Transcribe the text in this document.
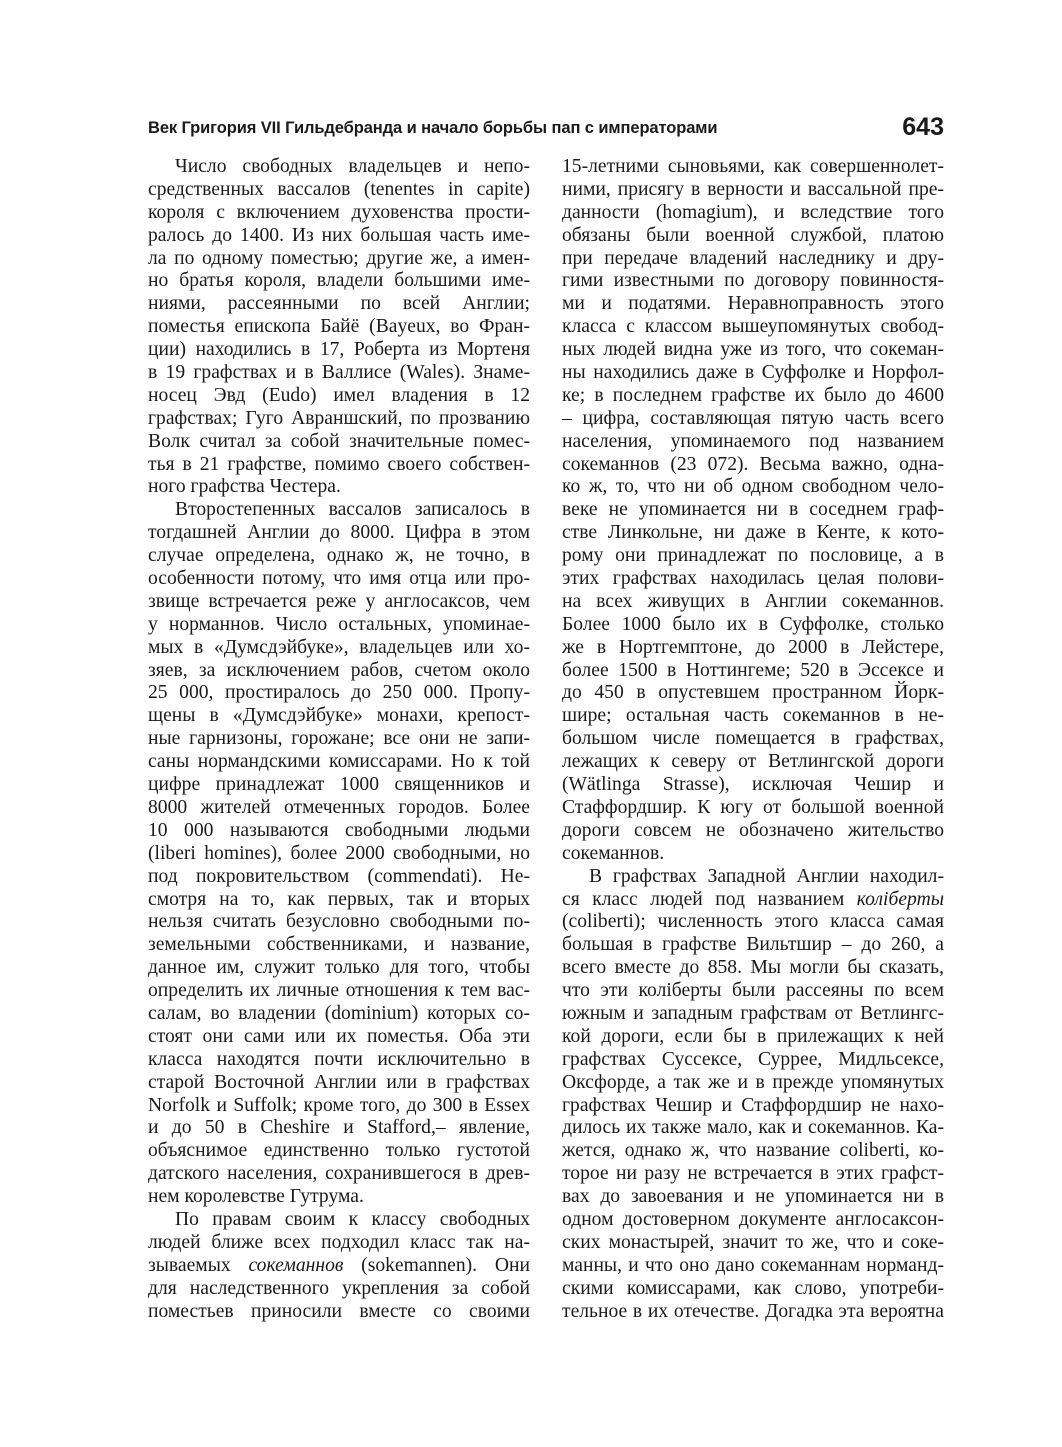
Век Григория VII Гильдебранда и начало борьбы пап с императорами	643
Число свободных владельцев и непо-
средственных вассалов (tenentes in capite)
короля с включением духовенства прости-
ралось до 1400. Из них большая часть име-
ла по одному поместью; другие же, а имен-
но братья короля, владели большими име-
ниями, рассеянными по всей Англии;
поместья епископа Байё (Bayeux, во Фран-
ции) находились в 17, Роберта из Мортеня
в 19 графствах и в Валлисе (Wales). Знаме-
носец Эвд (Eudo) имел владения в 12
графствах; Гуго Авраншский, по прозванию
Волк считал за собой значительные помес-
тья в 21 графстве, помимо своего собствен-
ного графства Честера.
Второстепенных вассалов записалось в
тогдашней Англии до 8000. Цифра в этом
случае определена, однако ж, не точно, в
особенности потому, что имя отца или про-
звище встречается реже у англосаксов, чем
у норманнов. Число остальных, упоминае-
мых в «Думсдэйбуке», владельцев или хо-
зяев, за исключением рабов, счетом около
25 000, простиралось до 250 000. Пропу-
щены в «Думсдэйбуке» монахи, крепост-
ные гарнизоны, горожане; все они не запи-
саны нормандскими комиссарами. Но к той
цифре принадлежат 1000 священников и
8000 жителей отмеченных городов. Более
10 000 называются свободными людьми
(liberi homines), более 2000 свободными, но
под покровительством (commendati). Не-
смотря на то, как первых, так и вторых
нельзя считать безусловно свободными по-
земельными собственниками, и название,
данное им, служит только для того, чтобы
определить их личные отношения к тем вас-
салам, во владении (dominium) которых со-
стоят они сами или их поместья. Оба эти
класса находятся почти исключительно в
старой Восточной Англии или в графствах
Norfolk и Suffolk; кроме того, до 300 в Essex
и до 50 в Cheshire и Stafford,– явление,
объяснимое единственно только густотой
датского населения, сохранившегося в древ-
нем королевстве Гутрума.
По правам своим к классу свободных
людей ближе всех подходил класс так на-
зываемых сокеманнов (sokemannen). Они
для наследственного укрепления за собой
поместьев приносили вместе со своими
15-летними сыновьями, как совершеннолет-
ними, присягу в верности и вассальной пре-
данности (homagium), и вследствие того
обязаны были военной службой, платою
при передаче владений наследнику и дру-
гими известными по договору повинностя-
ми и податями. Неравноправность этого
класса с классом вышеупомянутых свобод-
ных людей видна уже из того, что сокеман-
ны находились даже в Суффолке и Норфол-
ке; в последнем графстве их было до 4600
– цифра, составляющая пятую часть всего
населения, упоминаемого под названием
сокеманнов (23 072). Весьма важно, одна-
ко ж, то, что ни об одном свободном чело-
веке не упоминается ни в соседнем граф-
стве Линкольне, ни даже в Кенте, к кото-
рому они принадлежат по пословице, а в
этих графствах находилась целая полови-
на всех живущих в Англии сокеманнов.
Более 1000 было их в Суффолке, столько
же в Нортгемптоне, до 2000 в Лейстере,
более 1500 в Ноттингеме; 520 в Эссексе и
до 450 в опустевшем пространном Йорк-
шире; остальная часть сокеманнов в не-
большом числе помещается в графствах,
лежащих к северу от Ветлингской дороги
(Wätlinga Strasse), исключая Чешир и
Стаффордшир. К югу от большой военной
дороги совсем не обозначено жительство
сокеманнов.
В графствах Западной Англии находил-
ся класс людей под названием коліберты
(coliberti); численность этого класса самая
большая в графстве Вильтшир – до 260, а
всего вместе до 858. Мы могли бы сказать,
что эти коліберты были рассеяны по всем
южным и западным графствам от Ветлингс-
кой дороги, если бы в прилежащих к ней
графствах Суссексе, Суррее, Мидльсексе,
Оксфорде, а так же и в прежде упомянутых
графствах Чешир и Стаффордшир не нахо-
дилось их также мало, как и сокеманнов. Ка-
жется, однако ж, что название coliberti, ко-
торое ни разу не встречается в этих графст-
вах до завоевания и не упоминается ни в
одном достоверном документе англосаксон-
ских монастырей, значит то же, что и соке-
манны, и что оно дано сокеманнам норманд-
скими комиссарами, как слово, употреби-
тельное в их отечестве. Догадка эта вероятна
